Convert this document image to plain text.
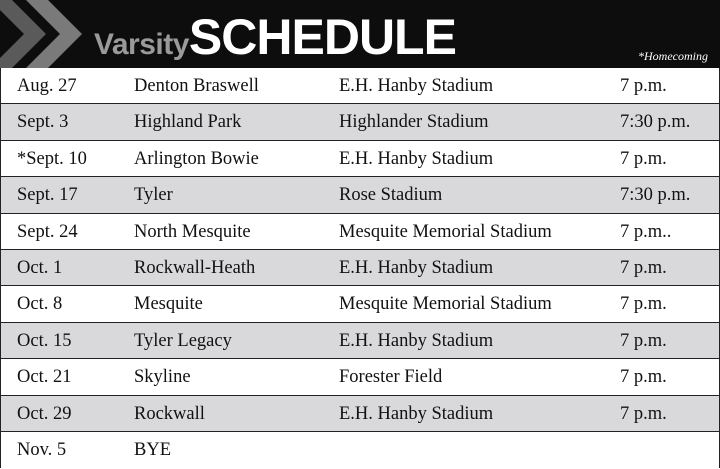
VarsitySCHEDULE	*Homecoming
Aug. 27	Denton Braswell	E.H. Hanby Stadium	7 p.m.
Sept. 3	Highland Park	Highlander Stadium	7:30 p.m.
*Sept. 10	Arlington Bowie	E.H. Hanby Stadium	7 p.m.
Sept. 17	Tyler	Rose Stadium	7:30 p.m.
Sept. 24	North Mesquite	Mesquite Memorial Stadium	7 p.m..
Oct. 1	Rockwall-Heath	E.H. Hanby Stadium	7 p.m.
Oct. 8	Mesquite	Mesquite Memorial Stadium	7 p.m.
Oct. 15	Tyler Legacy	E.H. Hanby Stadium	7 p.m.
Oct. 21	Skyline	Forester Field	7 p.m.
Oct. 29	Rockwall	E.H. Hanby Stadium	7 p.m.
Nov. 5	BYE
